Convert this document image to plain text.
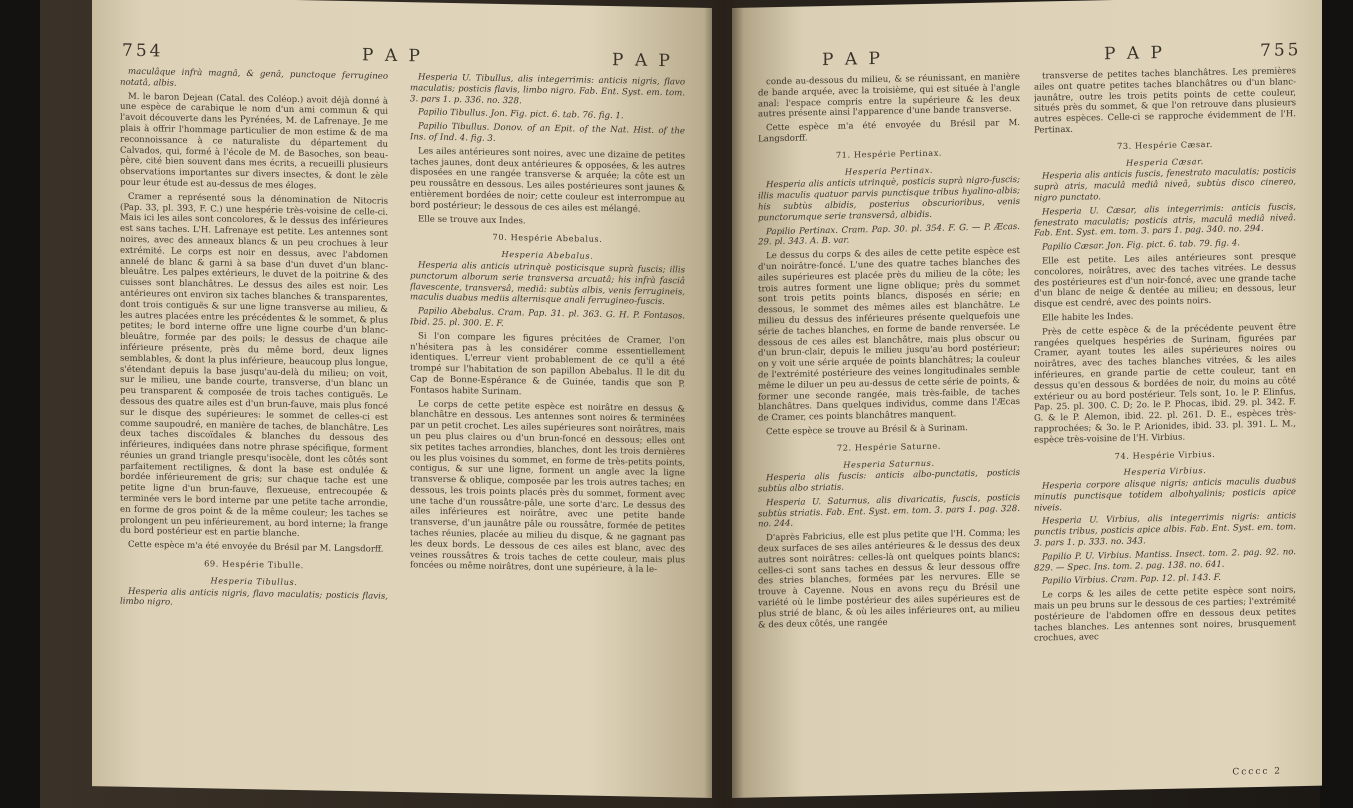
754	P A P	P A P

maculâque infrà magnâ, & genâ, punctoque ferrugineo notatâ, albis.

M. le baron Dejean (Catal. des Coléop.) avoit déjà donné à une espèce de carabique le nom d'un ami commun & qui l'avoit découverte dans les Pyrénées, M. de Lafrenaye. Je me plais à offrir l'hommage particulier de mon estime & de ma reconnoissance à ce naturaliste du département du Calvados, qui, formé à l'école de M. de Basoches, son beau-père, cité bien souvent dans mes écrits, a recueilli plusieurs observations importantes sur divers insectes, & dont le zèle pour leur étude est au-dessus de mes éloges.

Cramer a représenté sous la dénomination de Nitocris (Pap. 33, pl. 393, F. C.) une hespérie très-voisine de celle-ci. Mais ici les ailes sont concolores, & le dessus des inférieures est sans taches. L'H. Lafrenaye est petite. Les antennes sont noires, avec des anneaux blancs & un peu crochues à leur extrémité. Le corps est noir en dessus, avec l'abdomen annelé de blanc & garni à sa base d'un duvet d'un blanc-bleuâtre. Les palpes extérieurs, le duvet de la poitrine & des cuisses sont blanchâtres. Le dessus des ailes est noir. Les antérieures ont environ six taches blanches & transparentes, dont trois contiguës & sur une ligne transverse au milieu, & les autres placées entre les précédentes & le sommet, & plus petites; le bord interne offre une ligne courbe d'un blanc-bleuâtre, formée par des poils; le dessus de chaque aile inférieure présente, près du même bord, deux lignes semblables, & dont la plus inférieure, beaucoup plus longue, s'étendant depuis la base jusqu'au-delà du milieu; on voit, sur le milieu, une bande courte, transverse, d'un blanc un peu transparent & composée de trois taches contiguës. Le dessous des quatre ailes est d'un brun-fauve, mais plus foncé sur le disque des supérieures: le sommet de celles-ci est comme saupoudré, en manière de taches, de blanchâtre. Les deux taches discoïdales & blanches du dessous des inférieures, indiquées dans notre phrase spécifique, forment réunies un grand triangle presqu'isocèle, dont les côtés sont parfaitement rectilignes, & dont la base est ondulée & bordée inférieurement de gris; sur chaque tache est une petite ligne d'un brun-fauve, flexueuse, entrecoupée & terminée vers le bord interne par une petite tache arrondie, en forme de gros point & de la même couleur; les taches se prolongent un peu inférieurement, au bord interne; la frange du bord postérieur est en partie blanche.

Cette espèce m'a été envoyée du Brésil par M. Langsdorff.

69. Hespérie Tibulle.

Hesperia Tibullus.

Hesperia alis anticis nigris, flavo maculatis; posticis flavis, limbo nigro.

Hesperia U. Tibullus, alis integerrimis: anticis nigris, flavo maculatis; posticis flavis, limbo nigro. Fab. Ent. Syst. em. tom. 3. pars 1. p. 336. no. 328.

Papilio Tibullus. Jon. Fig. pict. 6. tab. 76. fig. 1.

Papilio Tibullus. Donov. of an Epit. of the Nat. Hist. of the Ins. of Ind. 4. fig. 3.

Les ailes antérieures sont noires, avec une dizaine de petites taches jaunes, dont deux antérieures & opposées, & les autres disposées en une rangée transverse & arquée; la côte est un peu roussâtre en dessous. Les ailes postérieures sont jaunes & entièrement bordées de noir; cette couleur est interrompue au bord postérieur; le dessous de ces ailes est mélangé.

Elle se trouve aux Indes.

70. Hespérie Abebalus.

Hesperia Abebalus.

Hesperia alis anticis utrinquè posticisque suprà fuscis; illis punctorum alborum serie transversa arcuatâ; his infrà fasciâ flavescente, transversâ, mediâ: subtùs albis, venis ferrugineis, maculis duabus mediis alternisque anali ferrugineo-fuscis.

Papilio Abebalus. Cram. Pap. 31. pl. 363. G. H. P. Fontasos. Ibid. 25. pl. 300. E. F.

Si l'on compare les figures précitées de Cramer, l'on n'hésitera pas à les considérer comme essentiellement identiques. L'erreur vient probablement de ce qu'il a été trompé sur l'habitation de son papillon Abebalus. Il le dit du Cap de Bonne-Espérance & de Guinée, tandis que son P. Fontasos habite Surinam.

Le corps de cette petite espèce est noirâtre en dessus & blanchâtre en dessous. Les antennes sont noires & terminées par un petit crochet. Les ailes supérieures sont noirâtres, mais un peu plus claires ou d'un brun-foncé en dessous; elles ont six petites taches arrondies, blanches, dont les trois dernières ou les plus voisines du sommet, en forme de très-petits points, contigus, & sur une ligne, forment un angle avec la ligne transverse & oblique, composée par les trois autres taches; en dessous, les trois points placés près du sommet, forment avec une tache d'un roussâtre-pâle, une sorte d'arc. Le dessus des ailes inférieures est noirâtre, avec une petite bande transverse, d'un jaunâtre pâle ou roussâtre, formée de petites taches réunies, placée au milieu du disque, & ne gagnant pas les deux bords. Le dessous de ces ailes est blanc, avec des veines roussâtres & trois taches de cette couleur, mais plus foncées ou même noirâtres, dont une supérieure, à la le-

P A P	P A P	755

conde au-dessous du milieu, & se réunissant, en manière de bande arquée, avec la troisième, qui est située à l'angle anal: l'espace compris entre la supérieure & les deux autres présente ainsi l'apparence d'une bande transverse.

Cette espèce m'a été envoyée du Brésil par M. Langsdorff.

71. Hespérie Pertinax.

Hesperia Pertinax.

Hesperia alis anticis utrinquè, posticis suprà nigro-fuscis; illis maculis quatuor parvis punctisque tribus hyalino-albis; his subtùs albidis, posterius obscurioribus, venis punctorumque serie transversâ, albidis.

Papilio Pertinax. Cram. Pap. 30. pl. 354. F. G. — P. Æcas. 29. pl. 343. A. B. var.

Le dessus du corps & des ailes de cette petite espèce est d'un noirâtre-foncé. L'une des quatre taches blanches des ailes supérieures est placée près du milieu de la côte; les trois autres forment une ligne oblique; près du sommet sont trois petits points blancs, disposés en série; en dessous, le sommet des mêmes ailes est blanchâtre. Le milieu du dessus des inférieures présente quelquefois une série de taches blanches, en forme de bande renversée. Le dessous de ces ailes est blanchâtre, mais plus obscur ou d'un brun-clair, depuis le milieu jusqu'au bord postérieur; on y voit une série arquée de points blanchâtres; la couleur de l'extrémité postérieure des veines longitudinales semble même le diluer un peu au-dessus de cette série de points, & former une seconde rangée, mais très-faible, de taches blanchâtres. Dans quelques individus, comme dans l'Æcas de Cramer, ces points blanchâtres manquent.

Cette espèce se trouve au Brésil & à Surinam.

72. Hespérie Saturne.

Hesperia Saturnus.

Hesperia alis fuscis: anticis albo-punctatis, posticis subtùs albo striatis.

Hesperia U. Saturnus, alis divaricatis, fuscis, posticis subtùs striatis. Fab. Ent. Syst. em. tom. 3. pars 1. pag. 328. no. 244.

D'après Fabricius, elle est plus petite que l'H. Comma; les deux surfaces de ses ailes antérieures & le dessus des deux autres sont noirâtres: celles-là ont quelques points blancs; celles-ci sont sans taches en dessus & leur dessous offre des stries blanches, formées par les nervures. Elle se trouve à Cayenne. Nous en avons reçu du Brésil une variété où le limbe postérieur des ailes supérieures est de plus strié de blanc, & où les ailes inférieures ont, au milieu & des deux côtés, une rangée

transverse de petites taches blanchâtres. Les premières ailes ont quatre petites taches blanchâtres ou d'un blanc-jaunâtre, outre les trois petits points de cette couleur, situés près du sommet, & que l'on retrouve dans plusieurs autres espèces. Celle-ci se rapproche évidemment de l'H. Pertinax.

73. Hespérie Cæsar.

Hesperia Cæsar.

Hesperia alis anticis fuscis, fenestrato maculatis; posticis suprà atris, maculâ mediâ niveâ, subtùs disco cinereo, nigro punctato.

Hesperia U. Cæsar, alis integerrimis: anticis fuscis, fenestrato maculatis; posticis atris, maculâ mediâ niveâ. Fab. Ent. Syst. em. tom. 3. pars 1. pag. 340. no. 294.

Papilio Cæsar. Jon. Fig. pict. 6. tab. 79. fig. 4.

Elle est petite. Les ailes antérieures sont presque concolores, noirâtres, avec des taches vitrées. Le dessus des postérieures est d'un noir-foncé, avec une grande tache d'un blanc de neige & dentée au milieu; en dessous, leur disque est cendré, avec des points noirs.

Elle habite les Indes.

Près de cette espèce & de la précédente peuvent être rangées quelques hespéries de Surinam, figurées par Cramer, ayant toutes les ailes supérieures noires ou noirâtres, avec des taches blanches vitrées, & les ailes inférieures, en grande partie de cette couleur, tant en dessus qu'en dessous & bordées de noir, du moins au côté extérieur ou au bord postérieur. Tels sont, 1o. le P. Elinfus, Pap. 25. pl. 300. C. D; 2o. le P. Phocas, ibid. 29. pl. 342. F. G. & le P. Alemon, ibid. 22. pl. 261. D. E., espèces très-rapprochées; & 3o. le P. Arionides, ibid. 33. pl. 391. L. M., espèce très-voisine de l'H. Virbius.

74. Hespérie Virbius.

Hesperia Virbius.

Hesperia corpore alisque nigris; anticis maculis duabus minutis punctisque totidem albohyalinis; posticis apice niveis.

Hesperia U. Virbius, alis integerrimis nigris: anticis punctis tribus, posticis apice albis. Fab. Ent. Syst. em. tom. 3. pars 1. p. 333. no. 343.

Papilio P. U. Virbius. Mantiss. Insect. tom. 2. pag. 92. no. 829. — Spec. Ins. tom. 2. pag. 138. no. 641.

Papilio Virbius. Cram. Pap. 12. pl. 143. F.

Le corps & les ailes de cette petite espèce sont noirs, mais un peu bruns sur le dessous de ces parties; l'extrémité postérieure de l'abdomen offre en dessous deux petites taches blanches. Les antennes sont noires, brusquement crochues, avec

Ccccc 2
